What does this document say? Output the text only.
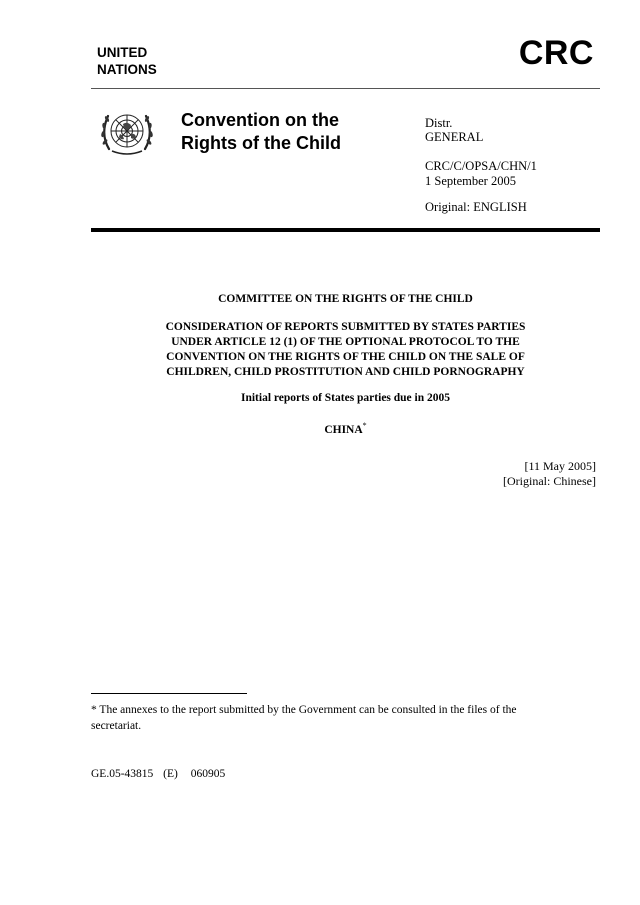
UNITED
NATIONS	CRC
Convention on the
Rights of the Child
Distr.
GENERAL
CRC/C/OPSA/CHN/1
1 September 2005
Original: ENGLISH
COMMITTEE ON THE RIGHTS OF THE CHILD
CONSIDERATION OF REPORTS SUBMITTED BY STATES PARTIES
UNDER ARTICLE 12 (1) OF THE OPTIONAL PROTOCOL TO THE
CONVENTION ON THE RIGHTS OF THE CHILD ON THE SALE OF
CHILDREN, CHILD PROSTITUTION AND CHILD PORNOGRAPHY
Initial reports of States parties due in 2005
CHINA*
[11 May 2005]
[Original: Chinese]
* The annexes to the report submitted by the Government can be consulted in the files of the
secretariat.
GE.05-43815 (E) 060905
